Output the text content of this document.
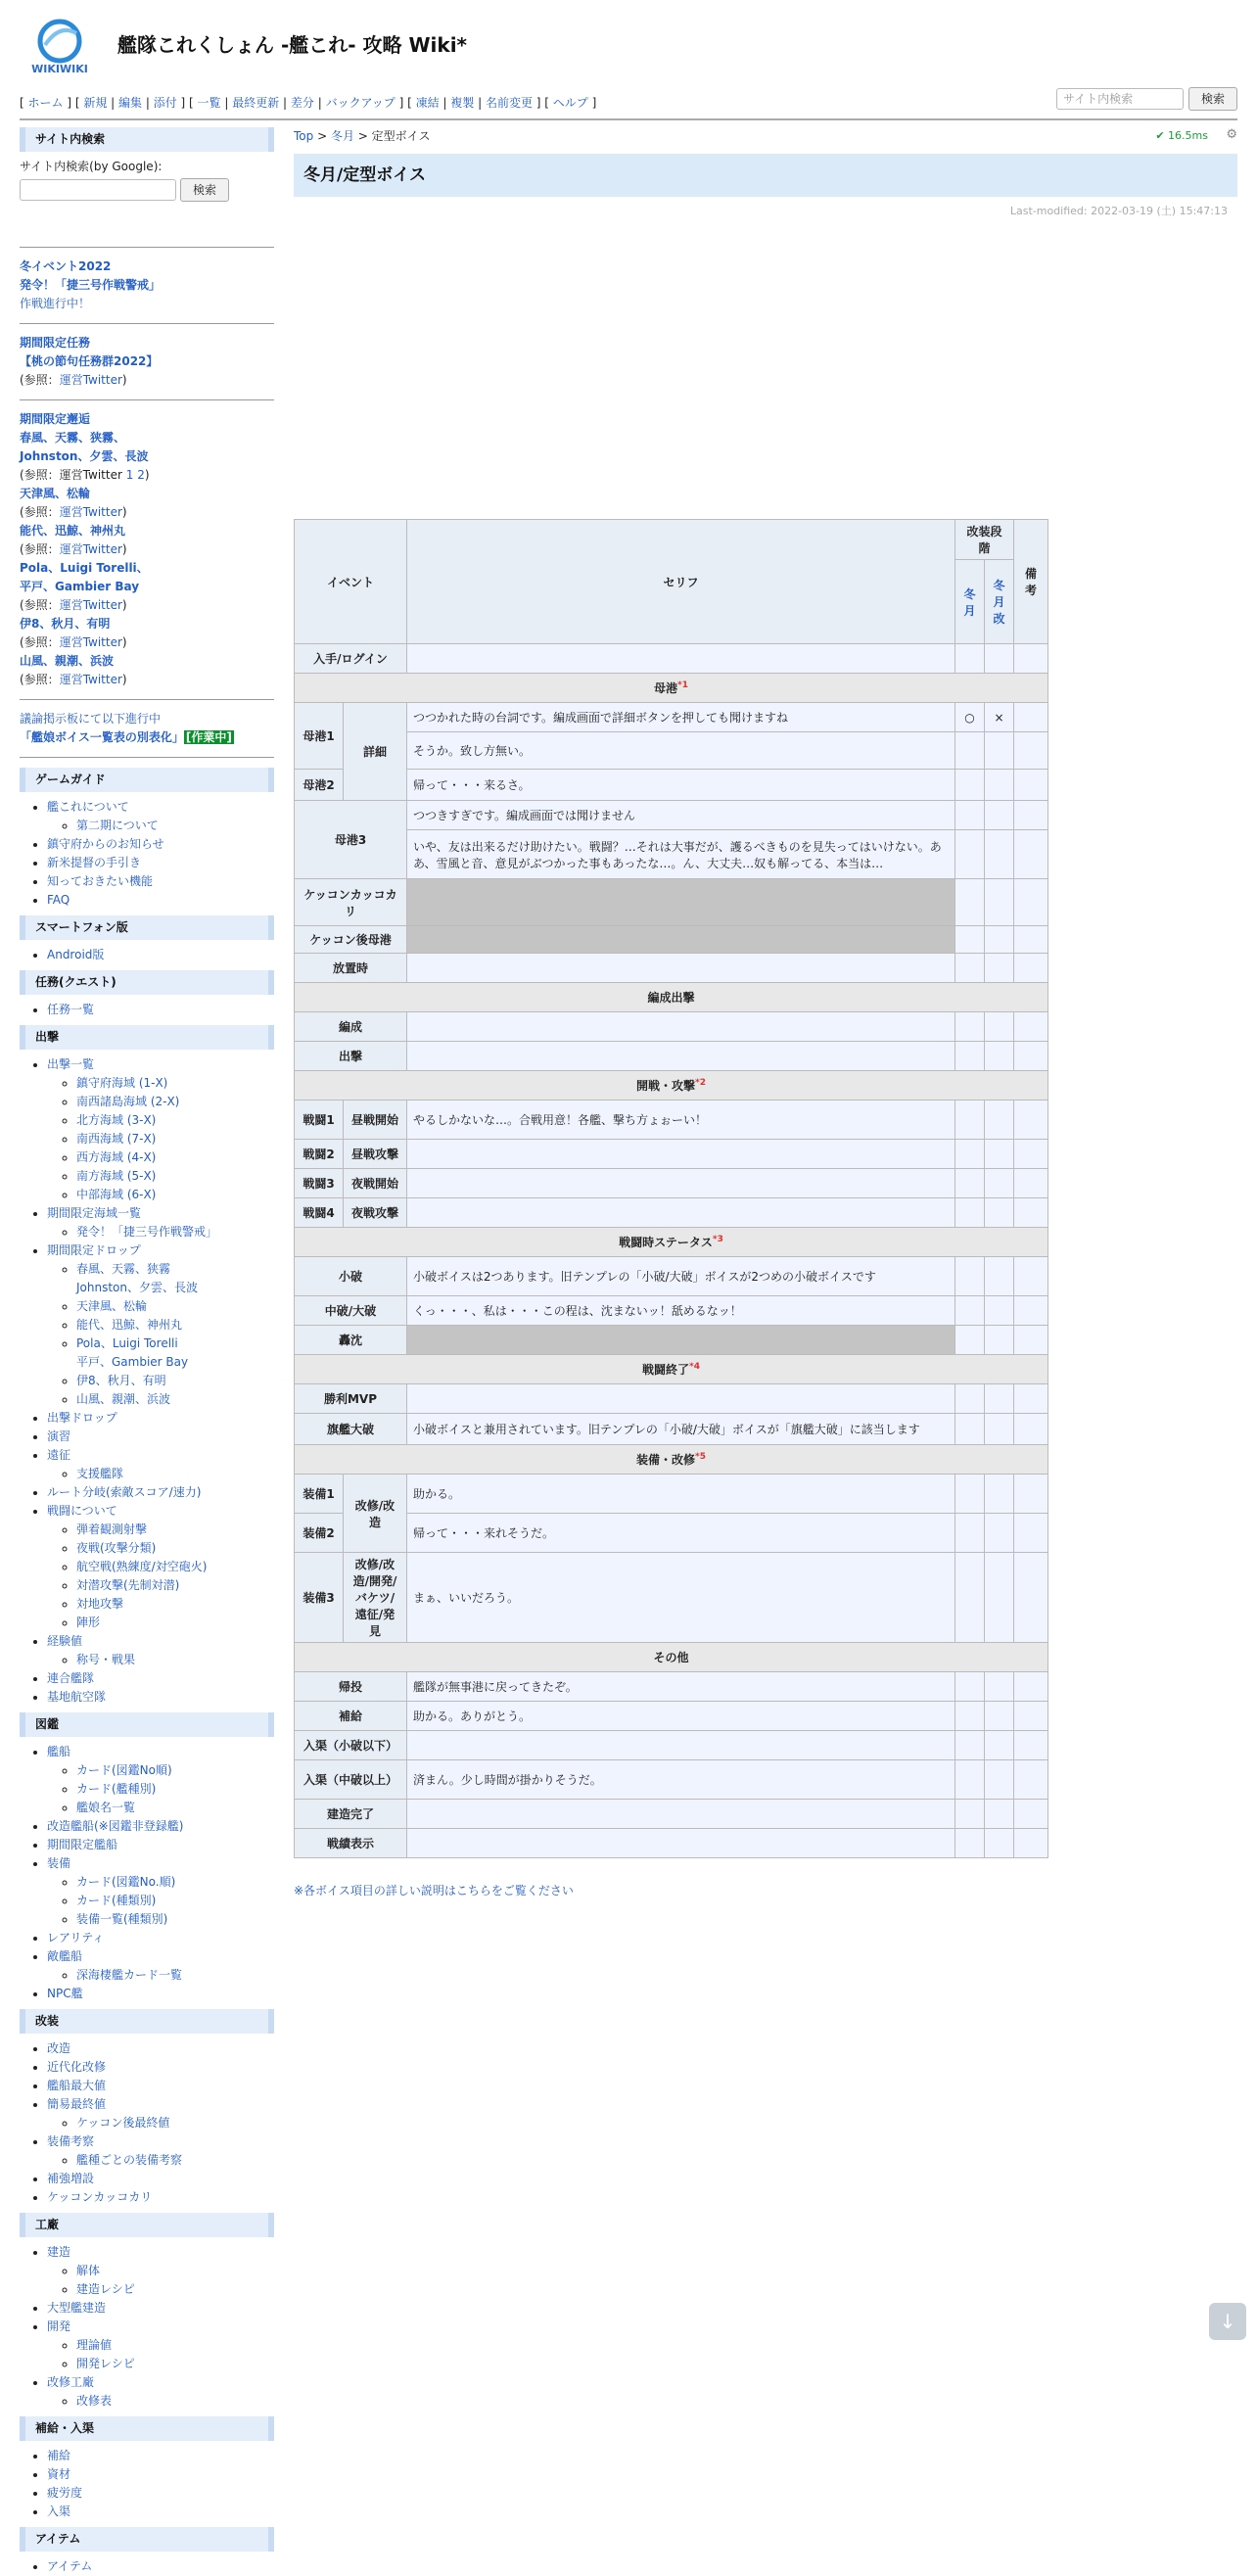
WIKIWIKI
艦隊これくしょん -艦これ- 攻略 Wiki*
[ ホーム ] [ 新規 | 編集 | 添付 ] [ 一覧 | 最終更新 | 差分 | バックアップ ] [ 凍結 | 複製 | 名前変更 ] [ ヘルプ ]	サイト内検索	検索
サイト内検索
サイト内検索(by Google):
検索
冬イベント2022
発令！「捷三号作戦警戒」
作戦進行中！
期間限定任務
【桃の節句任務群2022】
(参照：運営Twitter)
期間限定邂逅
春風、天霧、狭霧、
Johnston、夕雲、長波
(参照：運営Twitter 1 2)
天津風、松輪
(参照：運営Twitter)
能代、迅鯨、神州丸
(参照：運営Twitter)
Pola、Luigi Torelli、
平戸、Gambier Bay
(参照：運営Twitter)
伊8、秋月、有明
(参照：運営Twitter)
山風、親潮、浜波
(参照：運営Twitter)
議論掲示板にて以下進行中
「艦娘ボイス一覧表の別表化」 [作業中]
ゲームガイド
• 艦これについて
◦ 第二期について
• 鎮守府からのお知らせ
• 新米提督の手引き
• 知っておきたい機能
• FAQ
スマートフォン版
• Android版
任務(クエスト)
• 任務一覧
出撃
• 出撃一覧
◦ 鎮守府海域 (1-X)
◦ 南西諸島海域 (2-X)
◦ 北方海域 (3-X)
◦ 南西海域 (7-X)
◦ 西方海域 (4-X)
◦ 南方海域 (5-X)
◦ 中部海域 (6-X)
• 期間限定海域一覧
◦ 発令！「捷三号作戦警戒」
• 期間限定ドロップ
◦ 春風、天霧、狭霧
Johnston、夕雲、長波
◦ 天津風、松輪
◦ 能代、迅鯨、神州丸
◦ Pola、Luigi Torelli
平戸、Gambier Bay
◦ 伊8、秋月、有明
◦ 山風、親潮、浜波
• 出撃ドロップ
• 演習
• 遠征
◦ 支援艦隊
• ルート分岐(索敵スコア/速力)
• 戦闘について
◦ 弾着観測射撃
◦ 夜戦(攻撃分類)
◦ 航空戦(熟練度/対空砲火)
◦ 対潜攻撃(先制対潜)
◦ 対地攻撃
◦ 陣形
• 経験値
◦ 称号・戦果
• 連合艦隊
• 基地航空隊
図鑑
• 艦船
◦ カード(図鑑No順)
◦ カード(艦種別)
◦ 艦娘名一覧
• 改造艦船(※図鑑非登録艦)
• 期間限定艦船
• 装備
◦ カード(図鑑No.順)
◦ カード(種類別)
◦ 装備一覧(種類別)
• レアリティ
• 敵艦船
◦ 深海棲艦カード一覧
• NPC艦
改装
• 改造
• 近代化改修
• 艦船最大値
• 簡易最終値
◦ ケッコン後最終値
• 装備考察
◦ 艦種ごとの装備考察
• 補強増設
• ケッコンカッコカリ
工廠
• 建造
◦ 解体
◦ 建造レシピ
• 大型艦建造
• 開発
◦ 理論値
◦ 開発レシピ
• 改修工廠
◦ 改修表
補給・入渠
• 補給
• 資材
• 疲労度
• 入渠
アイテム
• アイテム
Top > 冬月 > 定型ボイス	✔ 16.5ms ⚙
冬月/定型ボイス
Last-modified: 2022-03-19 (土) 15:47:13
イベント		セリフ	改装段階		備考
			冬月	冬月改	
入手/ログイン					
母港$^{*1}$
母港1	詳細	つつかれた時の台詞です。編成画面で詳細ボタンを押しても聞けますね	○	×	
		そうか。致し方無い。			
母港2		帰って・・・来るさ。			
母港3		つつきすぎです。編成画面では聞けません			
		いや、友は出来るだけ助けたい。戦闘？…それは大事だが、護るべきものを見失ってはいけない。ああ、雪風と音、意見がぶつかった事もあったな…。ん、大丈夫…奴も解ってる、本当は…			
ケッコンカッコカリ					
ケッコン後母港					
放置時					
編成出撃					
編成					
出撃					
開戦・攻撃$^{*2}$
戦闘1	昼戦開始	やるしかないな…。合戦用意！各艦、撃ち方ょぉーい！			
戦闘2	昼戦攻撃				
戦闘3	夜戦開始				
戦闘4	夜戦攻撃				
戦闘時ステータス$^{*3}$
小破		小破ボイスは2つあります。旧テンプレの「小破/大破」ボイスが2つめの小破ボイスです			
中破/大破		くっ・・・、私は・・・この程は、沈まないッ！舐めるなッ！			
轟沈					
戦闘終了$^{*4}$
勝利MVP					
旗艦大破		小破ボイスと兼用されています。旧テンプレの「小破/大破」ボイスが「旗艦大破」に該当します			
装備・改修$^{*5}$
装備1	改修/改造	助かる。			
装備2		帰って・・・来れそうだ。			
装備3	改修/改造/開発/バケツ/遠征/発見	まぁ、いいだろう。			
その他					
帰投		艦隊が無事港に戻ってきたぞ。			
補給		助かる。ありがとう。			
入渠（小破以下）					
入渠（中破以上）		済まん。少し時間が掛かりそうだ。			
建造完了					
戦績表示					
※各ボイス項目の詳しい説明はこちらをご覧ください
↓
